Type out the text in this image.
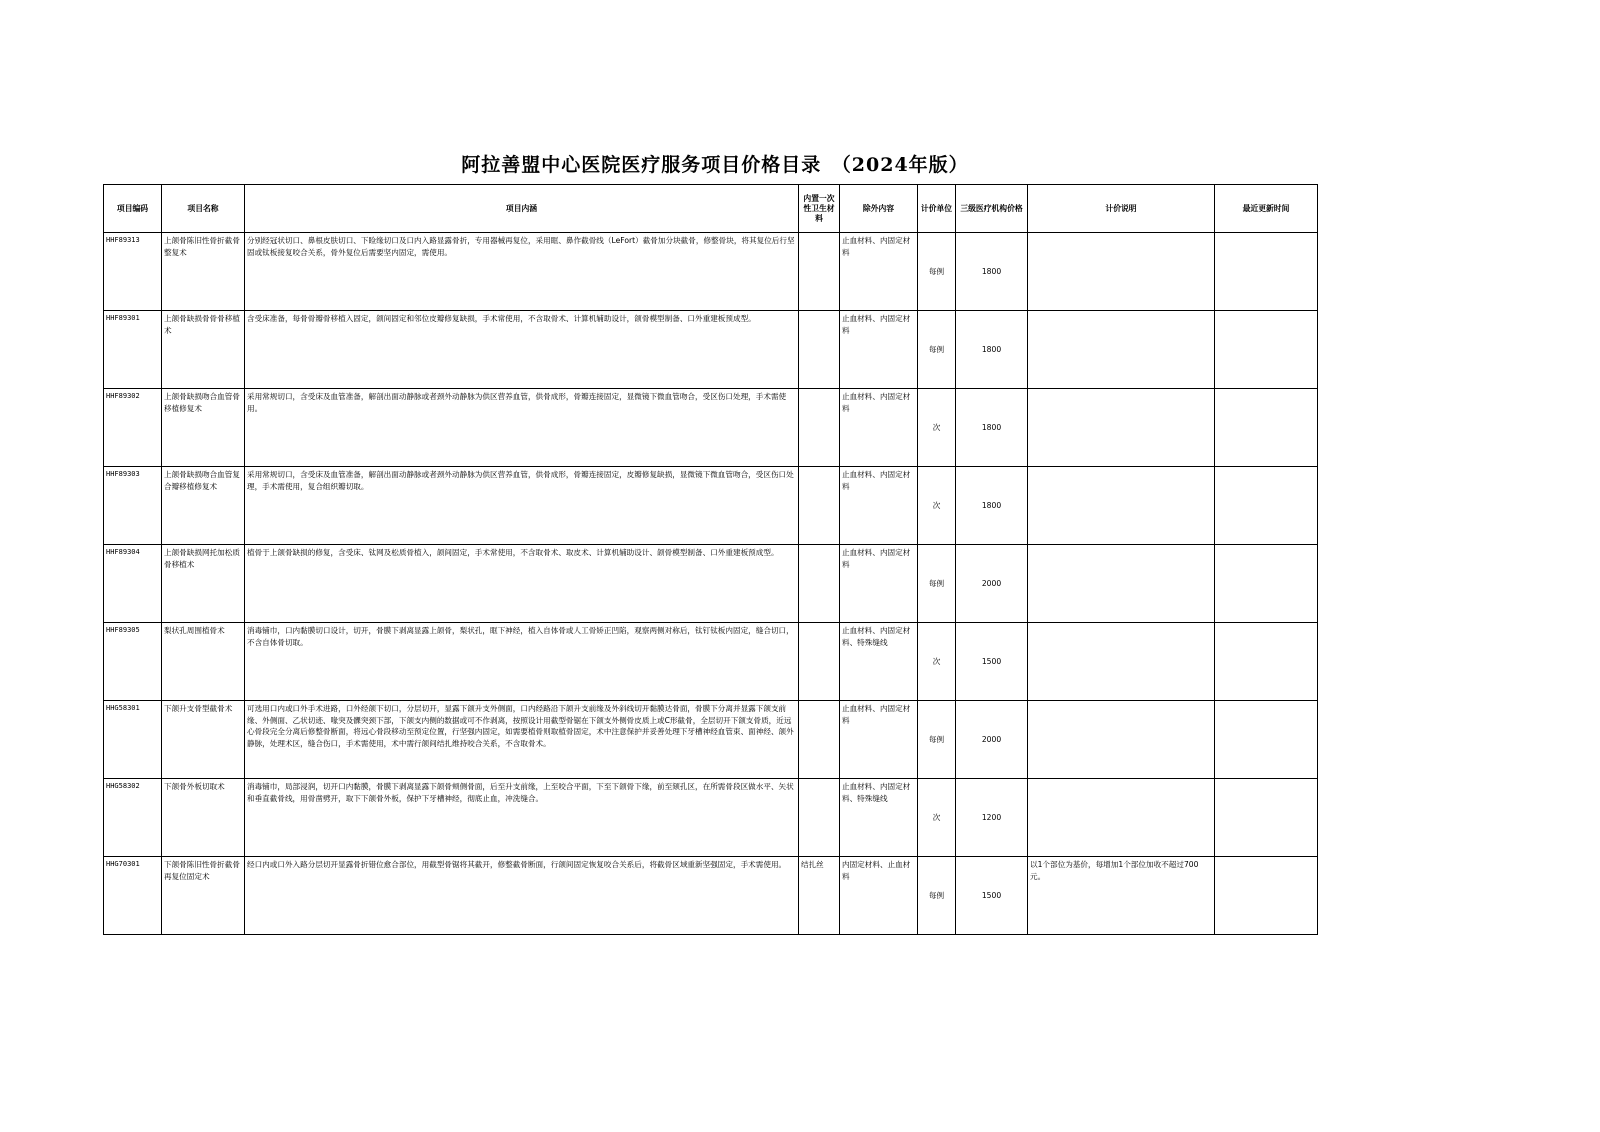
阿拉善盟中心医院医疗服务项目价格目录　（2024年版）
项目编码	项目名称	项目内涵	内置一次性卫生材料	除外内容	计价单位	三级医疗机构价格	计价说明	最近更新时间
HHF89313	上颌骨陈旧性骨折截骨整复术	分别经冠状切口、鼻根皮肤切口、下睑缘切口及口内入路显露骨折，专用器械再复位，采用眶、鼻作截骨线（LeFort）截骨加分块截骨，修整骨块，将其复位后行坚固或钛板接复咬合关系，骨外复位后需要坚内固定，需使用。		止血材料、内固定材料	每例	1800		
HHF89301	上颌骨缺损骨骨骨移植术	含受床准备，每骨骨瓣骨移植入固定，颌间固定和邻位皮瓣修复缺损，手术常使用，不含取骨术、计算机辅助设计，颌骨模型制备、口外重建板预成型。		止血材料、内固定材料	每例	1800		
HHF89302	上颌骨缺损吻合血管骨移植修复术	采用常规切口，含受床及血管准备，解剖出面动静脉或者颈外动静脉为供区营养血管，供骨成形，骨瓣连接固定，显微镜下微血管吻合，受区伤口处理，手术需使用。		止血材料、内固定材料	次	1800		
HHF89303	上颌骨缺损吻合血管复合瓣移植修复术	采用常规切口，含受床及血管准备，解剖出面动静脉或者颈外动静脉为供区营养血管，供骨成形，骨瓣连接固定，皮瓣修复缺损，显微镜下微血管吻合，受区伤口处理，手术需使用，复合组织瓣切取。		止血材料、内固定材料	次	1800		
HHF89304	上颌骨缺损网托加松质骨移植术	植骨于上颌骨缺损的修复，含受床、钛网及松质骨植入，颌间固定，手术常使用，不含取骨术、取皮术、计算机辅助设计、颌骨模型制备、口外重建板预成型。		止血材料、内固定材料	每例	2000		
HHF89305	梨状孔周围植骨术	消毒铺巾，口内黏膜切口设计，切开，骨膜下剥离显露上颌骨，梨状孔，眶下神经，植入自体骨或人工骨矫正凹陷，观察两侧对称后，钛钉钛板内固定，缝合切口，不含自体骨切取。		止血材料、内固定材料、特殊缝线	次	1500		
HHG58301	下颌升支骨型截骨术	可选用口内或口外手术进路，口外经颌下切口，分层切开，显露下颌升支外侧面，口内经路沿下颌升支前缘及外斜线切开黏膜达骨面，骨膜下分离并显露下颌支前缘、外侧面、乙状切迹、喙突及髁突颈下部，下颌支内侧的数据或可不作剥离，按照设计用截型骨锯在下颌支外侧骨皮质上或C形截骨，全层切开下颌支骨质，近远心骨段完全分离后修整骨断面，将远心骨段移动至预定位置，行坚强内固定，如需要植骨则取植骨固定，术中注意保护并妥善处理下牙槽神经血管束、面神经、颌外静脉，处理术区，缝合伤口，手术需使用，术中需行颌间结扎维持咬合关系，不含取骨术。		止血材料、内固定材料	每例	2000		
HHG58302	下颌骨外板切取术	消毒铺巾，局部浸润，切开口内黏膜，骨膜下剥离显露下颌骨颊侧骨面，后至升支前缘，上至咬合平面，下至下颌骨下缘，前至颏孔区，在所需骨段区做水平、矢状和垂直截骨线，用骨凿劈开，取下下颌骨外板，保护下牙槽神经，彻底止血，冲洗缝合。		止血材料、内固定材料、特殊缝线	次	1200		
HHG70301	下颌骨陈旧性骨折截骨再复位固定术	经口内或口外入路分层切开显露骨折错位愈合部位，用截型骨锯将其截开，修整截骨断面，行颌间固定恢复咬合关系后，将截骨区域重新坚强固定，手术需使用。	结扎丝	内固定材料、止血材料	每例	1500	以1个部位为基价，每增加1个部位加收不超过700元。	
